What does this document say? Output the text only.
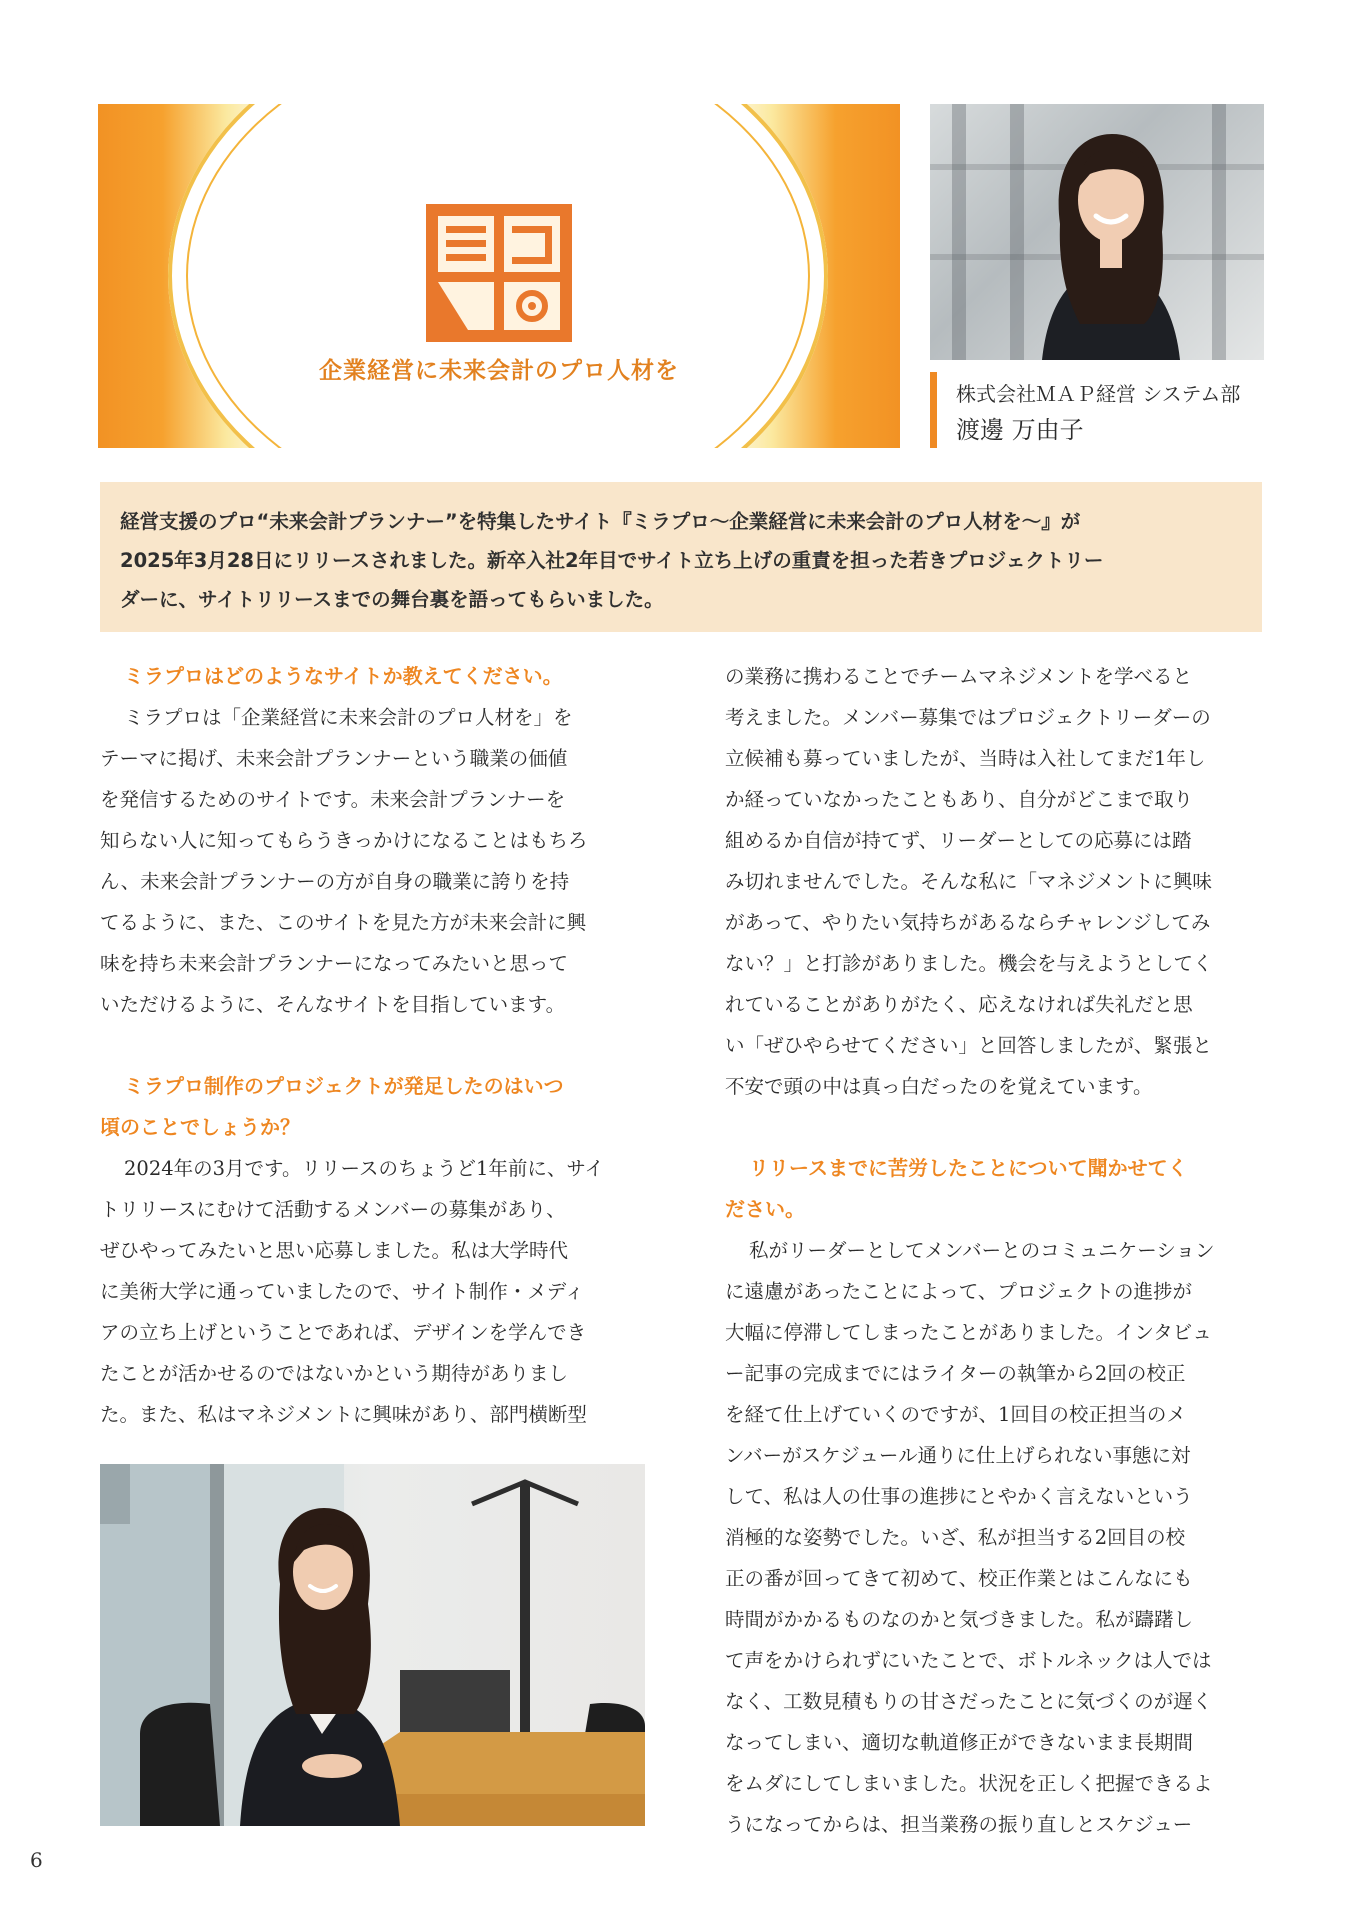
企業経営に未来会計のプロ人材を
株式会社ＭＡＰ経営 システム部
渡邊 万由子
経営支援のプロ“未来会計プランナー”を特集したサイト『ミラプロ～企業経営に未来会計のプロ人材を～』が
2025年3月28日にリリースされました。新卒入社2年目でサイト立ち上げの重責を担った若きプロジェクトリー
ダーに、サイトリリースまでの舞台裏を語ってもらいました。
ミラプロはどのようなサイトか教えてください。
ミラプロは「企業経営に未来会計のプロ人材を」を
テーマに掲げ、未来会計プランナーという職業の価値
を発信するためのサイトです。未来会計プランナーを
知らない人に知ってもらうきっかけになることはもちろ
ん、未来会計プランナーの方が自身の職業に誇りを持
てるように、また、このサイトを見た方が未来会計に興
味を持ち未来会計プランナーになってみたいと思って
いただけるように、そんなサイトを目指しています。
ミラプロ制作のプロジェクトが発足したのはいつ
頃のことでしょうか？
2024年の3月です。リリースのちょうど1年前に、サイ
トリリースにむけて活動するメンバーの募集があり、
ぜひやってみたいと思い応募しました。私は大学時代
に美術大学に通っていましたので、サイト制作・メディ
アの立ち上げということであれば、デザインを学んでき
たことが活かせるのではないかという期待がありまし
た。また、私はマネジメントに興味があり、部門横断型
の業務に携わることでチームマネジメントを学べると
考えました。メンバー募集ではプロジェクトリーダーの
立候補も募っていましたが、当時は入社してまだ1年し
か経っていなかったこともあり、自分がどこまで取り
組めるか自信が持てず、リーダーとしての応募には踏
み切れませんでした。そんな私に「マネジメントに興味
があって、やりたい気持ちがあるならチャレンジしてみ
ない？」と打診がありました。機会を与えようとしてく
れていることがありがたく、応えなければ失礼だと思
い「ぜひやらせてください」と回答しましたが、緊張と
不安で頭の中は真っ白だったのを覚えています。
リリースまでに苦労したことについて聞かせてく
ださい。
私がリーダーとしてメンバーとのコミュニケーション
に遠慮があったことによって、プロジェクトの進捗が
大幅に停滞してしまったことがありました。インタビュ
ー記事の完成までにはライターの執筆から2回の校正
を経て仕上げていくのですが、1回目の校正担当のメ
ンバーがスケジュール通りに仕上げられない事態に対
して、私は人の仕事の進捗にとやかく言えないという
消極的な姿勢でした。いざ、私が担当する2回目の校
正の番が回ってきて初めて、校正作業とはこんなにも
時間がかかるものなのかと気づきました。私が躊躇し
て声をかけられずにいたことで、ボトルネックは人では
なく、工数見積もりの甘さだったことに気づくのが遅く
なってしまい、適切な軌道修正ができないまま長期間
をムダにしてしまいました。状況を正しく把握できるよ
うになってからは、担当業務の振り直しとスケジュー
6
